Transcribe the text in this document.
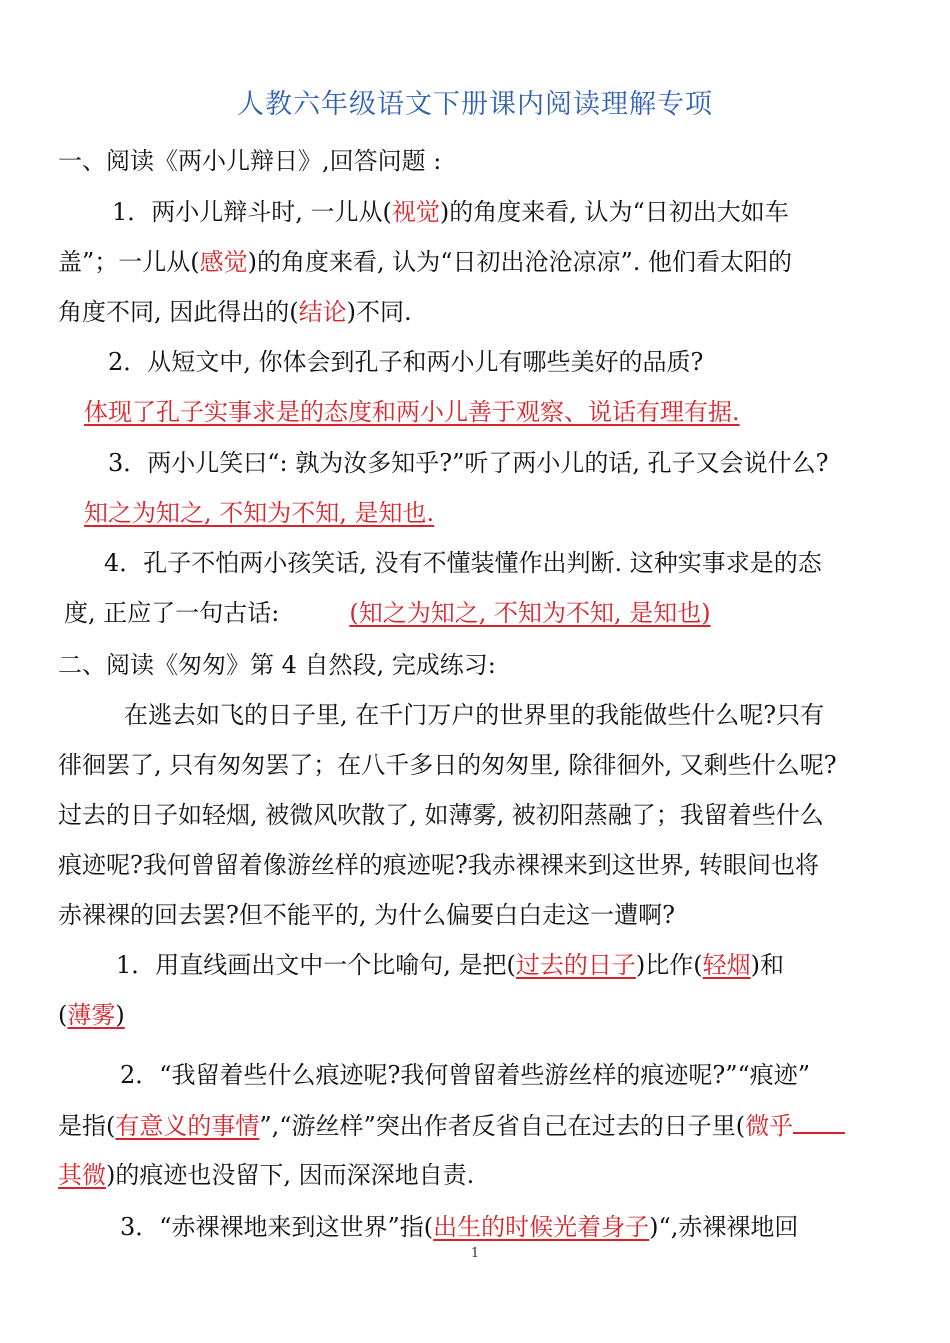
人教六年级语文下册课内阅读理解专项

一、阅读《两小儿辩日》,回答问题 :

1．两小儿辩斗时, 一儿从(视觉)的角度来看, 认为“日初出大如车

盖”；一儿从(感觉)的角度来看, 认为“日初出沧沧凉凉”. 他们看太阳的

角度不同, 因此得出的(结论)不同.

2．从短文中, 你体会到孔子和两小儿有哪些美好的品质?

体现了孔子实事求是的态度和两小儿善于观察、说话有理有据.

3．两小儿笑曰“: 孰为汝多知乎?”听了两小儿的话, 孔子又会说什么?

知之为知之, 不知为不知, 是知也.

4．孔子不怕两小孩笑话, 没有不懂装懂作出判断. 这种实事求是的态

度, 正应了一句古话:	(知之为知之, 不知为不知, 是知也)

二、阅读《匆匆》第 4 自然段, 完成练习:

在逃去如飞的日子里, 在千门万户的世界里的我能做些什么呢?只有

徘徊罢了, 只有匆匆罢了；在八千多日的匆匆里, 除徘徊外, 又剩些什么呢?

过去的日子如轻烟, 被微风吹散了, 如薄雾, 被初阳蒸融了；我留着些什么

痕迹呢?我何曾留着像游丝样的痕迹呢?我赤裸裸来到这世界, 转眼间也将

赤裸裸的回去罢?但不能平的, 为什么偏要白白走这一遭啊?

1．用直线画出文中一个比喻句, 是把(过去的日子)比作(轻烟)和

(薄雾)

2．“我留着些什么痕迹呢?我何曾留着些游丝样的痕迹呢?”“痕迹”

是指(有意义的事情”,“游丝样”突出作者反省自己在过去的日子里(微乎

其微)的痕迹也没留下, 因而深深地自责.

3．“赤裸裸地来到这世界”指(出生的时候光着身子)“,赤裸裸地回

1
